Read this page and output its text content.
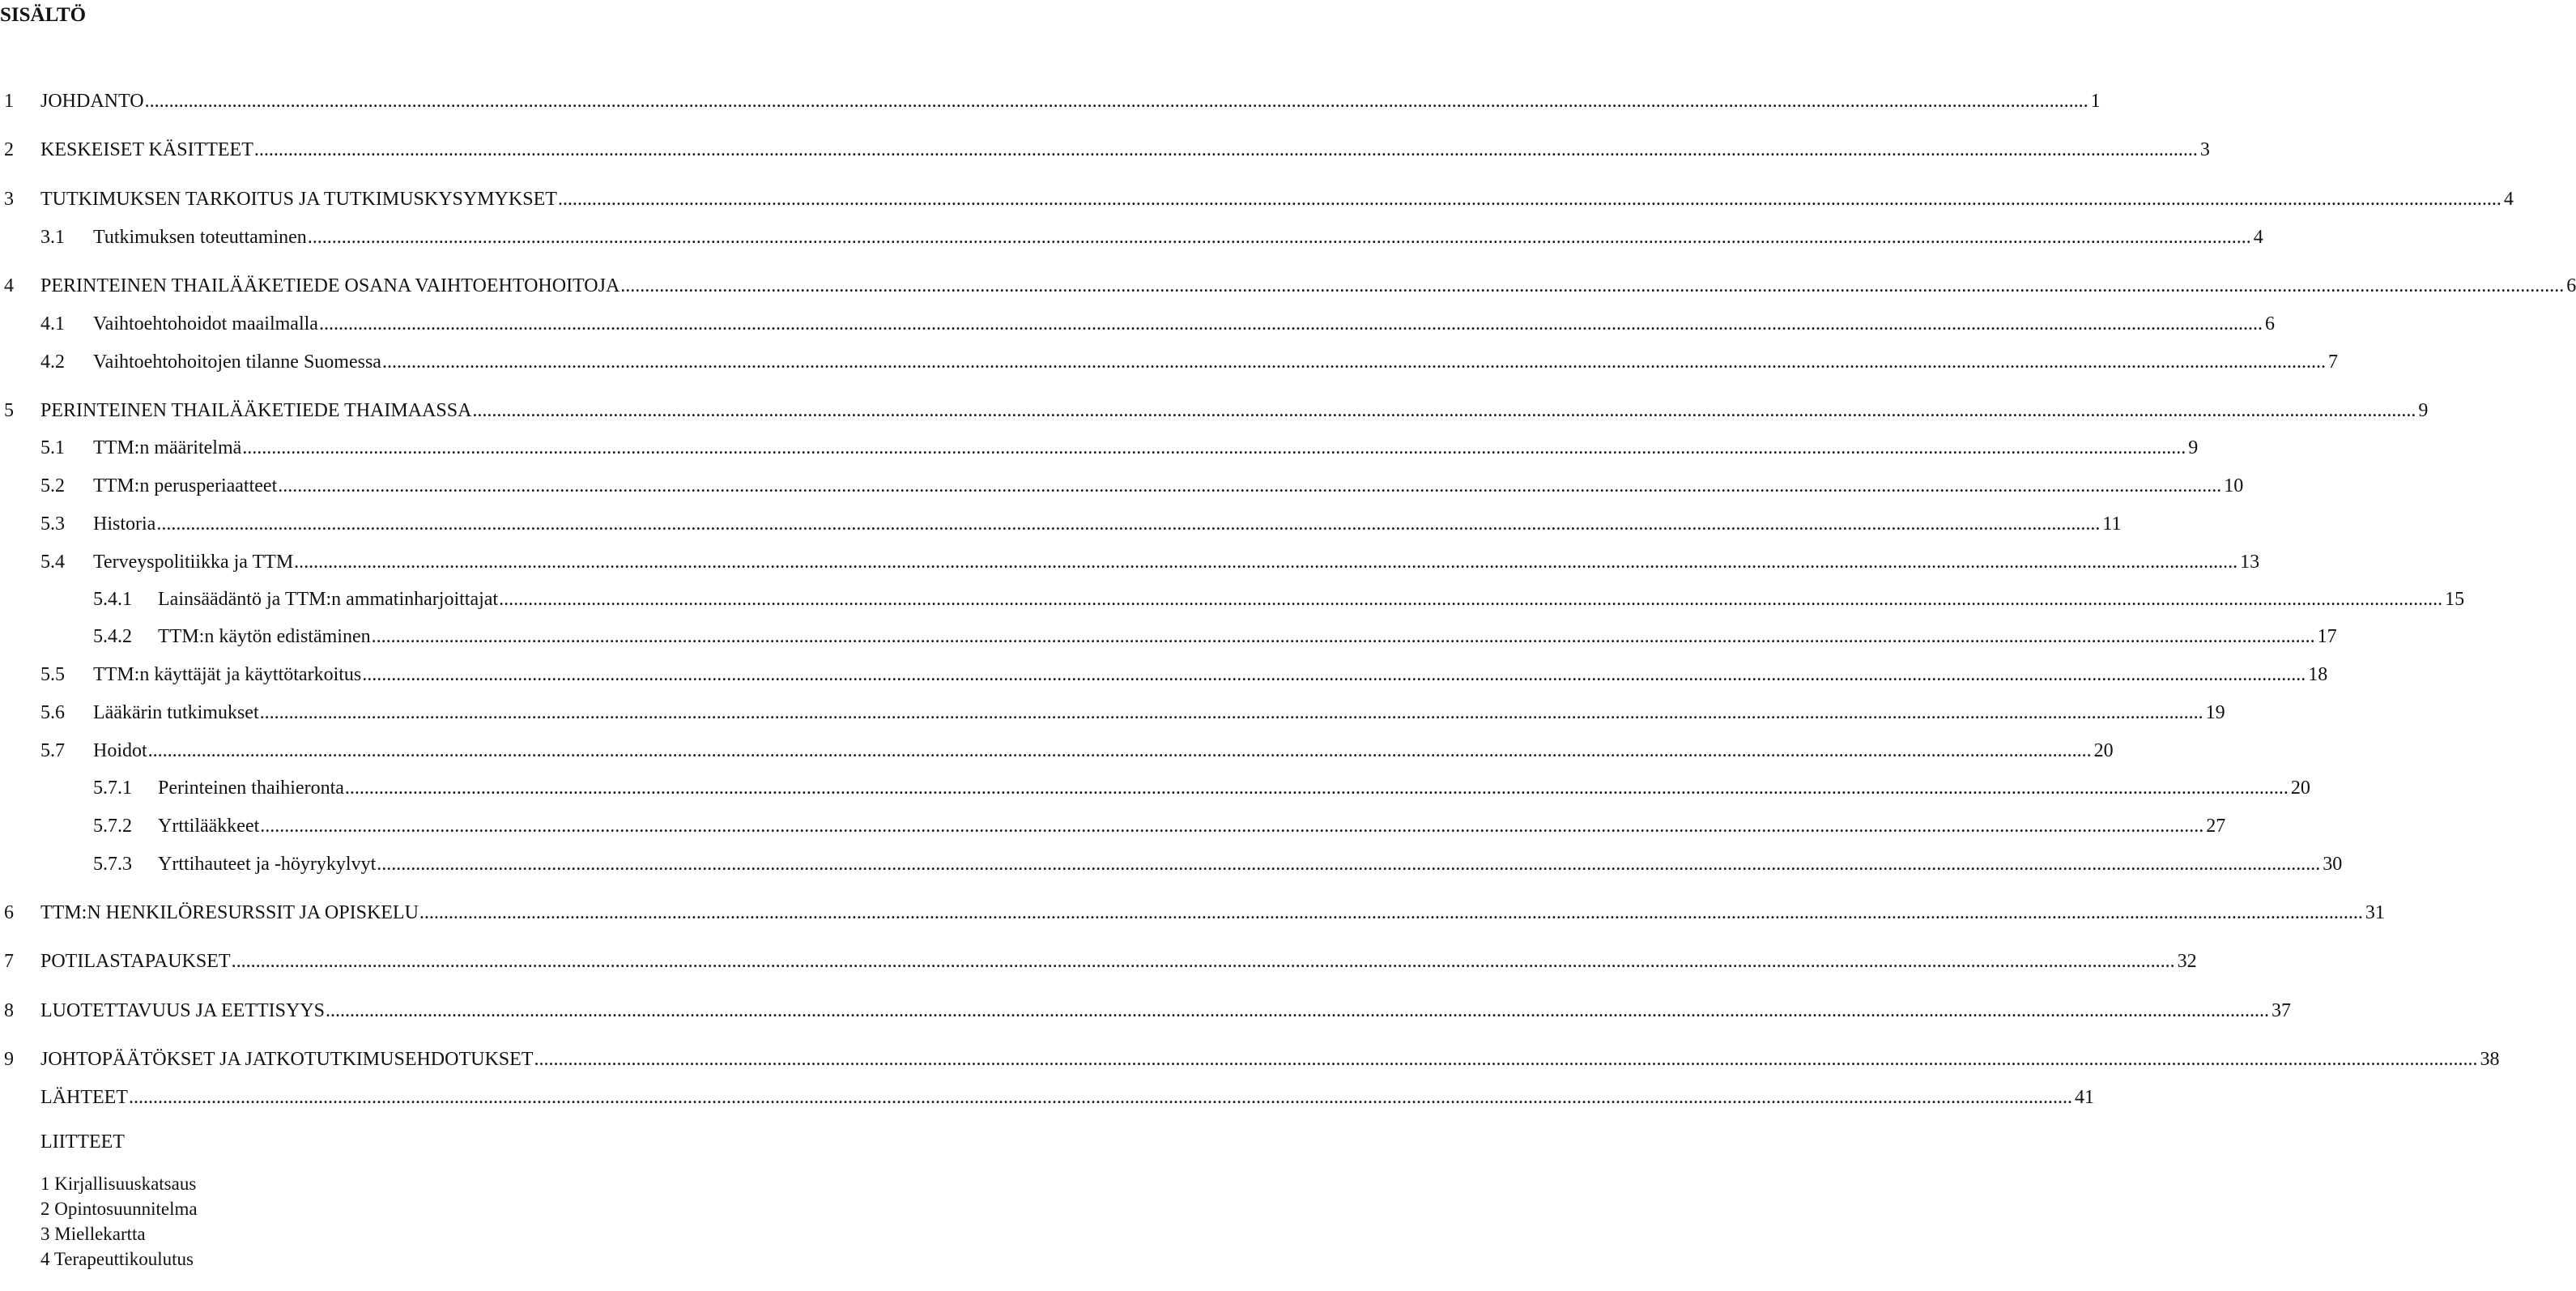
SISÄLTÖ
1	JOHDANTO ................................................................................................................................................................................................................................................................................................................................................................................................................ 1
2	KESKEISET KÄSITTEET ................................................................................................................................................................................................................................................................................................................................................................................................................ 3
3	TUTKIMUKSEN TARKOITUS JA TUTKIMUSKYSYMYKSET ................................................................................................................................................................................................................................................................................................................................................................................................................ 4
3.1	Tutkimuksen toteuttaminen ................................................................................................................................................................................................................................................................................................................................................................................................................ 4
4	PERINTEINEN THAILÄÄKETIEDE OSANA VAIHTOEHTOHOITOJA ................................................................................................................................................................................................................................................................................................................................................................................................................ 6
4.1	Vaihtoehtohoidot maailmalla ................................................................................................................................................................................................................................................................................................................................................................................................................ 6
4.2	Vaihtoehtohoitojen tilanne Suomessa ................................................................................................................................................................................................................................................................................................................................................................................................................ 7
5	PERINTEINEN THAILÄÄKETIEDE THAIMAASSA ................................................................................................................................................................................................................................................................................................................................................................................................................ 9
5.1	TTM:n määritelmä ................................................................................................................................................................................................................................................................................................................................................................................................................ 9
5.2	TTM:n perusperiaatteet ................................................................................................................................................................................................................................................................................................................................................................................................................ 10
5.3	Historia ................................................................................................................................................................................................................................................................................................................................................................................................................ 11
5.4	Terveyspolitiikka ja TTM ................................................................................................................................................................................................................................................................................................................................................................................................................ 13
5.4.1	Lainsäädäntö ja TTM:n ammatinharjoittajat ................................................................................................................................................................................................................................................................................................................................................................................................................ 15
5.4.2	TTM:n käytön edistäminen ................................................................................................................................................................................................................................................................................................................................................................................................................ 17
5.5	TTM:n käyttäjät ja käyttötarkoitus ................................................................................................................................................................................................................................................................................................................................................................................................................ 18
5.6	Lääkärin tutkimukset ................................................................................................................................................................................................................................................................................................................................................................................................................ 19
5.7	Hoidot ................................................................................................................................................................................................................................................................................................................................................................................................................ 20
5.7.1	Perinteinen thaihieronta ................................................................................................................................................................................................................................................................................................................................................................................................................ 20
5.7.2	Yrttilääkkeet ................................................................................................................................................................................................................................................................................................................................................................................................................ 27
5.7.3	Yrttihauteet ja -höyrykylvyt ................................................................................................................................................................................................................................................................................................................................................................................................................ 30
6	TTM:N HENKILÖRESURSSIT JA OPISKELU ................................................................................................................................................................................................................................................................................................................................................................................................................ 31
7	POTILASTAPAUKSET ................................................................................................................................................................................................................................................................................................................................................................................................................ 32
8	LUOTETTAVUUS JA EETTISYYS ................................................................................................................................................................................................................................................................................................................................................................................................................ 37
9	JOHTOPÄÄTÖKSET JA JATKOTUTKIMUSEHDOTUKSET ................................................................................................................................................................................................................................................................................................................................................................................................................ 38
LÄHTEET ................................................................................................................................................................................................................................................................................................................................................................................................................ 41
LIITTEET
1 Kirjallisuuskatsaus
2 Opintosuunnitelma
3 Miellekartta
4 Terapeuttikoulutus
